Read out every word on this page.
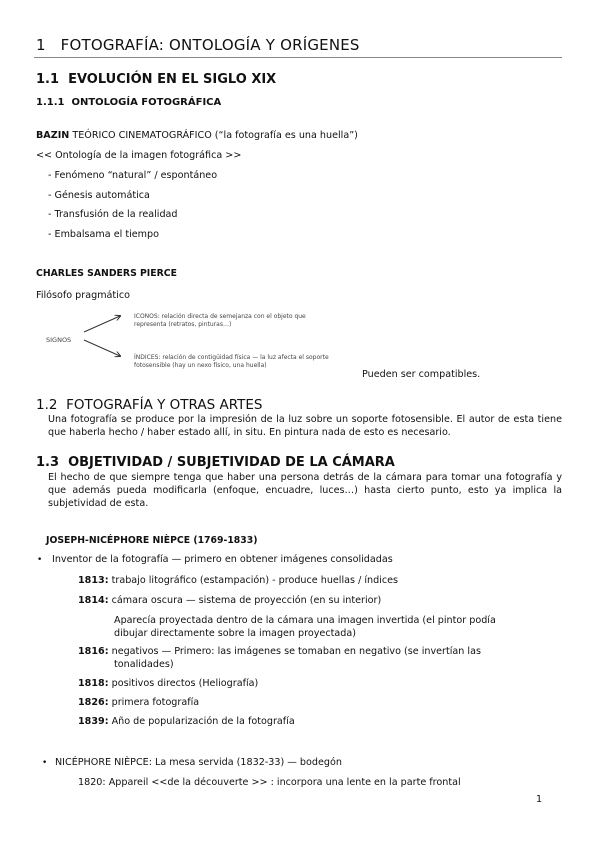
1 FOTOGRAFÍA: ONTOLOGÍA Y ORÍGENES
1.1 EVOLUCIÓN EN EL SIGLO XIX
1.1.1 ONTOLOGÍA FOTOGRÁFICA
BAZIN TEÓRICO CINEMATOGRÁFICO (“la fotografía es una huella”)
<< Ontología de la imagen fotográfica >>
- Fenómeno “natural” / espontáneo
- Génesis automática
- Transfusión de la realidad
- Embalsama el tiempo
CHARLES SANDERS PIERCE
Filósofo pragmático
SIGNOS
ICONOS: relación directa de semejanza con el objeto que representa (retratos, pinturas…)
ÍNDICES: relación de contigüidad física — la luz afecta el soporte fotosensible (hay un nexo físico, una huella)
Pueden ser compatibles.
1.2 FOTOGRAFÍA Y OTRAS ARTES
Una fotografía se produce por la impresión de la luz sobre un soporte fotosensible. El autor de esta tiene que haberla hecho / haber estado allí, in situ. En pintura nada de esto es necesario.
1.3 OBJETIVIDAD / SUBJETIVIDAD DE LA CÁMARA
El hecho de que siempre tenga que haber una persona detrás de la cámara para tomar una fotografía y que además pueda modificarla (enfoque, encuadre, luces…) hasta cierto punto, esto ya implica la subjetividad de esta.
JOSEPH-NICÉPHORE NIÈPCE (1769-1833)
• Inventor de la fotografía — primero en obtener imágenes consolidadas
1813: trabajo litográfico (estampación) - produce huellas / índices
1814: cámara oscura — sistema de proyección (en su interior)
Aparecía proyectada dentro de la cámara una imagen invertida (el pintor podía
dibujar directamente sobre la imagen proyectada)
1816: negativos — Primero: las imágenes se tomaban en negativo (se invertían las
tonalidades)
1818: positivos directos (Heliografía)
1826: primera fotografía
1839: Año de popularización de la fotografía
• NICÉPHORE NIÈPCE: La mesa servida (1832-33) — bodegón
1820: Appareil <<de la découverte >> : incorpora una lente en la parte frontal
1
